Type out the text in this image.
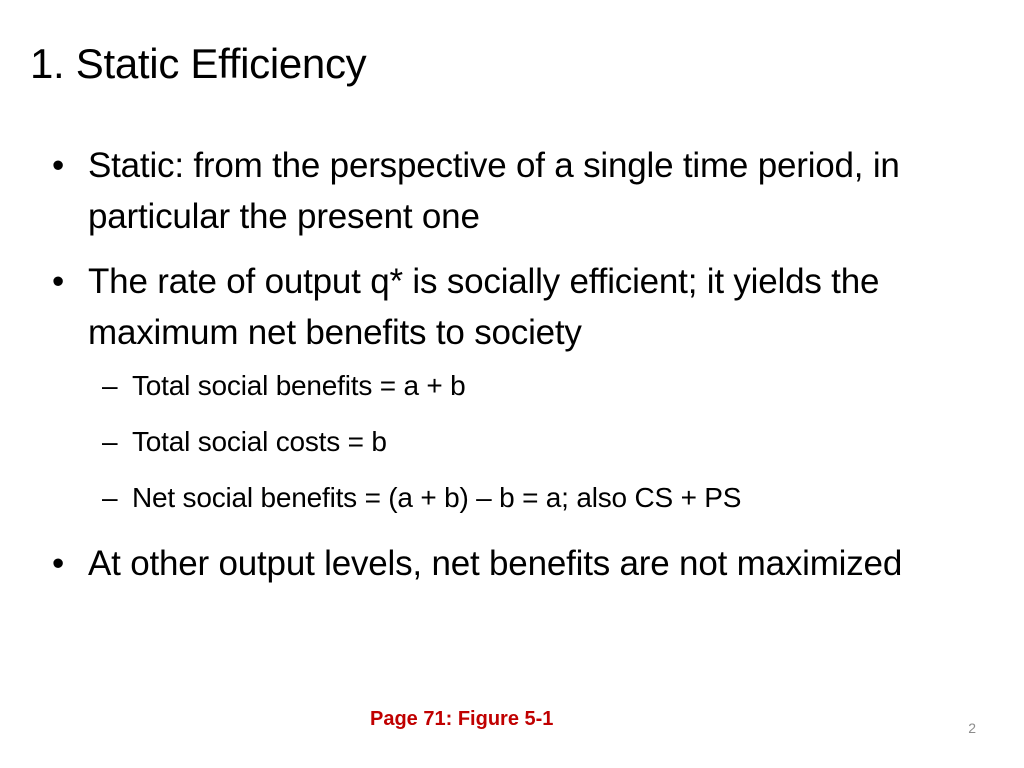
1. Static Efficiency
• Static: from the perspective of a single time period, in particular the present one
• The rate of output q* is socially efficient; it yields the maximum net benefits to society
– Total social benefits = a + b
– Total social costs = b
– Net social benefits = (a + b) – b = a; also CS + PS
• At other output levels, net benefits are not maximized
Page 71: Figure 5-1	2
